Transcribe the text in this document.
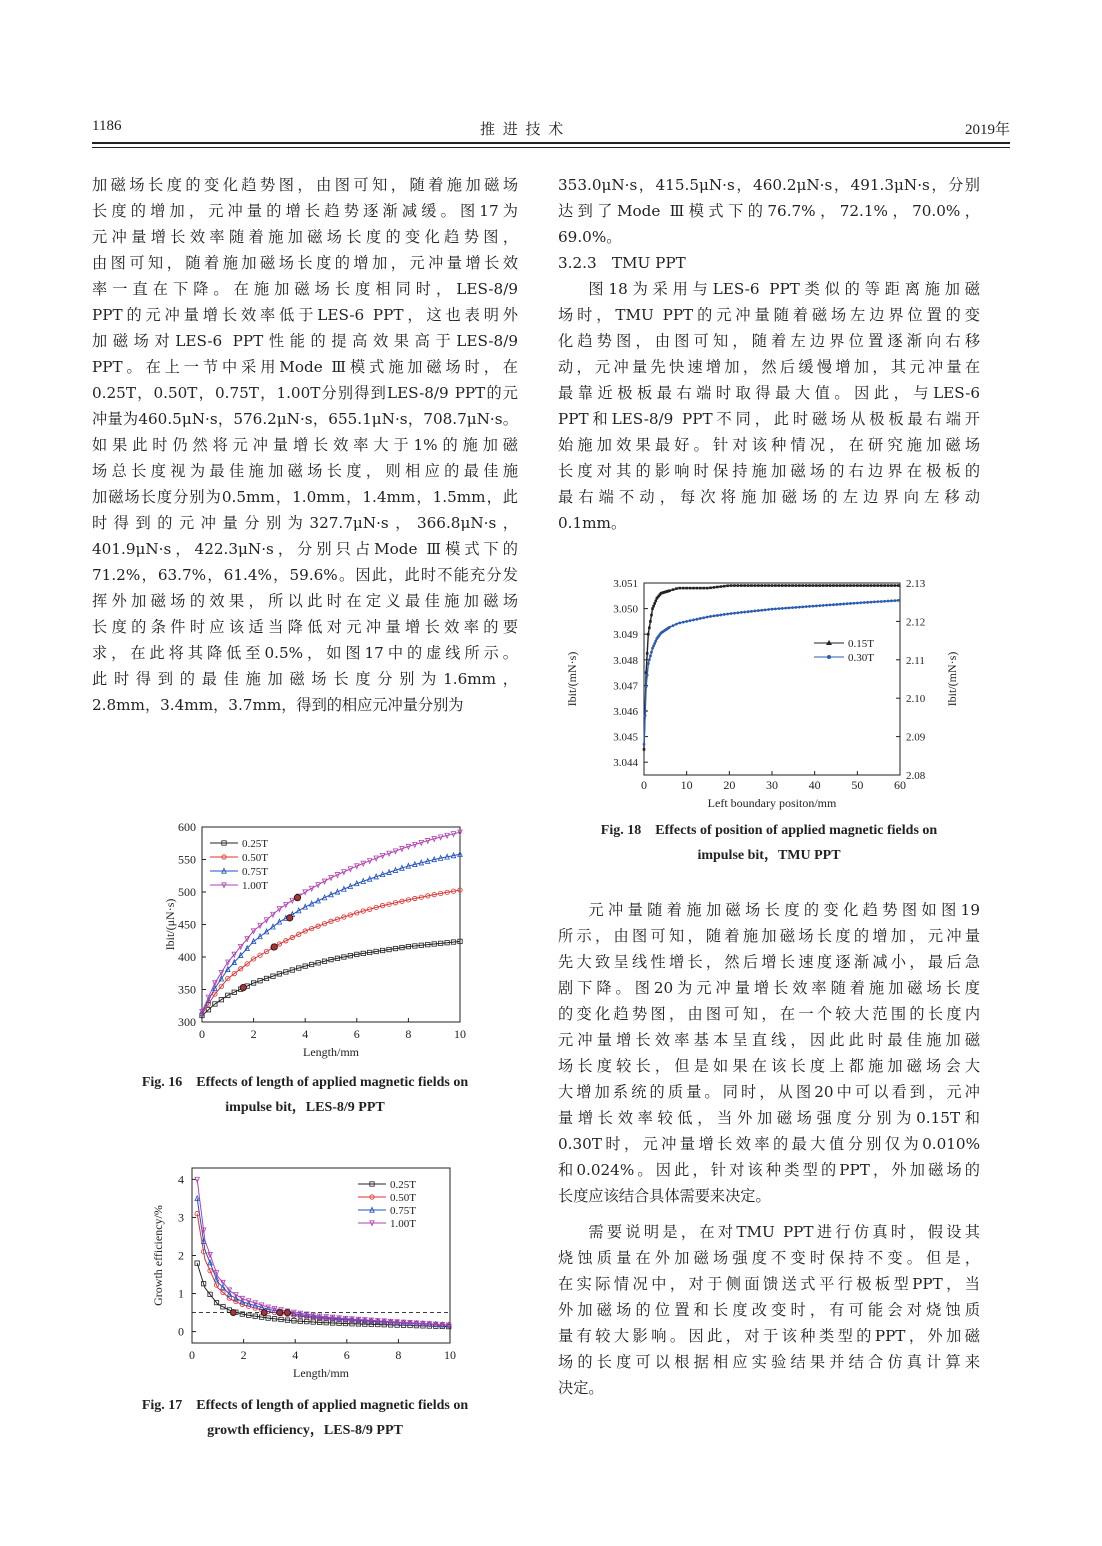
1186	推 进 技 术	2019年
加磁场长度的变化趋势图，由图可知，随着施加磁场
长度的增加，元冲量的增长趋势逐渐减缓。图17为
元冲量增长效率随着施加磁场长度的变化趋势图，
由图可知，随着施加磁场长度的增加，元冲量增长效
率一直在下降。在施加磁场长度相同时，LES-8/9
PPT的元冲量增长效率低于LES-6 PPT，这也表明外
加磁场对LES-6 PPT性能的提高效果高于LES-8/9
PPT。在上一节中采用Mode Ⅲ模式施加磁场时，在
0.25T，0.50T，0.75T，1.00T分别得到LES-8/9 PPT的元
冲量为460.5μN·s，576.2μN·s，655.1μN·s，708.7μN·s。
如果此时仍然将元冲量增长效率大于1%的施加磁
场总长度视为最佳施加磁场长度，则相应的最佳施
加磁场长度分别为0.5mm，1.0mm，1.4mm，1.5mm，此
时得到的元冲量分别为327.7μN·s，366.8μN·s，
401.9μN·s，422.3μN·s，分别只占Mode Ⅲ模式下的
71.2%，63.7%，61.4%，59.6%。因此，此时不能充分发
挥外加磁场的效果，所以此时在定义最佳施加磁场
长度的条件时应该适当降低对元冲量增长效率的要
求，在此将其降低至0.5%，如图17中的虚线所示。
此时得到的最佳施加磁场长度分别为1.6mm，
2.8mm，3.4mm，3.7mm，得到的相应元冲量分别为
353.0μN·s，415.5μN·s，460.2μN·s，491.3μN·s，分别
达到了Mode Ⅲ模式下的76.7%，72.1%，70.0%，
69.0%。
3.2.3　TMU PPT
图18为采用与LES-6 PPT类似的等距离施加磁
场时，TMU PPT的元冲量随着磁场左边界位置的变
化趋势图，由图可知，随着左边界位置逐渐向右移
动，元冲量先快速增加，然后缓慢增加，其元冲量在
最靠近极板最右端时取得最大值。因此，与LES-6
PPT和LES-8/9 PPT不同，此时磁场从极板最右端开
始施加效果最好。针对该种情况，在研究施加磁场
长度对其的影响时保持施加磁场的右边界在极板的
最右端不动，每次将施加磁场的左边界向左移动
0.1mm。
元冲量随着施加磁场长度的变化趋势图如图19
所示，由图可知，随着施加磁场长度的增加，元冲量
先大致呈线性增长，然后增长速度逐渐减小，最后急
剧下降。图20为元冲量增长效率随着施加磁场长度
的变化趋势图，由图可知，在一个较大范围的长度内
元冲量增长效率基本呈直线，因此此时最佳施加磁
场长度较长，但是如果在该长度上都施加磁场会大
大增加系统的质量。同时，从图20中可以看到，元冲
量增长效率较低，当外加磁场强度分别为0.15T和
0.30T时，元冲量增长效率的最大值分别仅为0.010%
和0.024%。因此，针对该种类型的PPT，外加磁场的
长度应该结合具体需要来决定。
需要说明是，在对TMU PPT进行仿真时，假设其
烧蚀质量在外加磁场强度不变时保持不变。但是，
在实际情况中，对于侧面馈送式平行极板型PPT，当
外加磁场的位置和长度改变时，有可能会对烧蚀质
量有较大影响。因此，对于该种类型的PPT，外加磁
场的长度可以根据相应实验结果并结合仿真计算来
决定。
0	2	4	6	8	10
300
350
400
450
500
550
600
Length/mm
Ibit/(μN·s)
0.25T
0.50T
0.75T
1.00T
Fig. 16　Effects of length of applied magnetic fields on
impulse bit，LES-8/9 PPT
0	2	4	6	8	10
0
1
2
3
4
Length/mm
Growth efficiency/%
0.25T
0.50T
0.75T
1.00T
Fig. 17　Effects of length of applied magnetic fields on
growth efficiency，LES-8/9 PPT
0	10	20	30	40	50	60
3.044
3.045
3.046
3.047
3.048
3.049
3.050
3.051
2.08
2.09
2.10
2.11
2.12
2.13
Left boundary positon/mm
Ibit/(mN·s)	Ibit/(mN·s)
0.15T
0.30T
Fig. 18　Effects of position of applied magnetic fields on
impulse bit，TMU PPT
